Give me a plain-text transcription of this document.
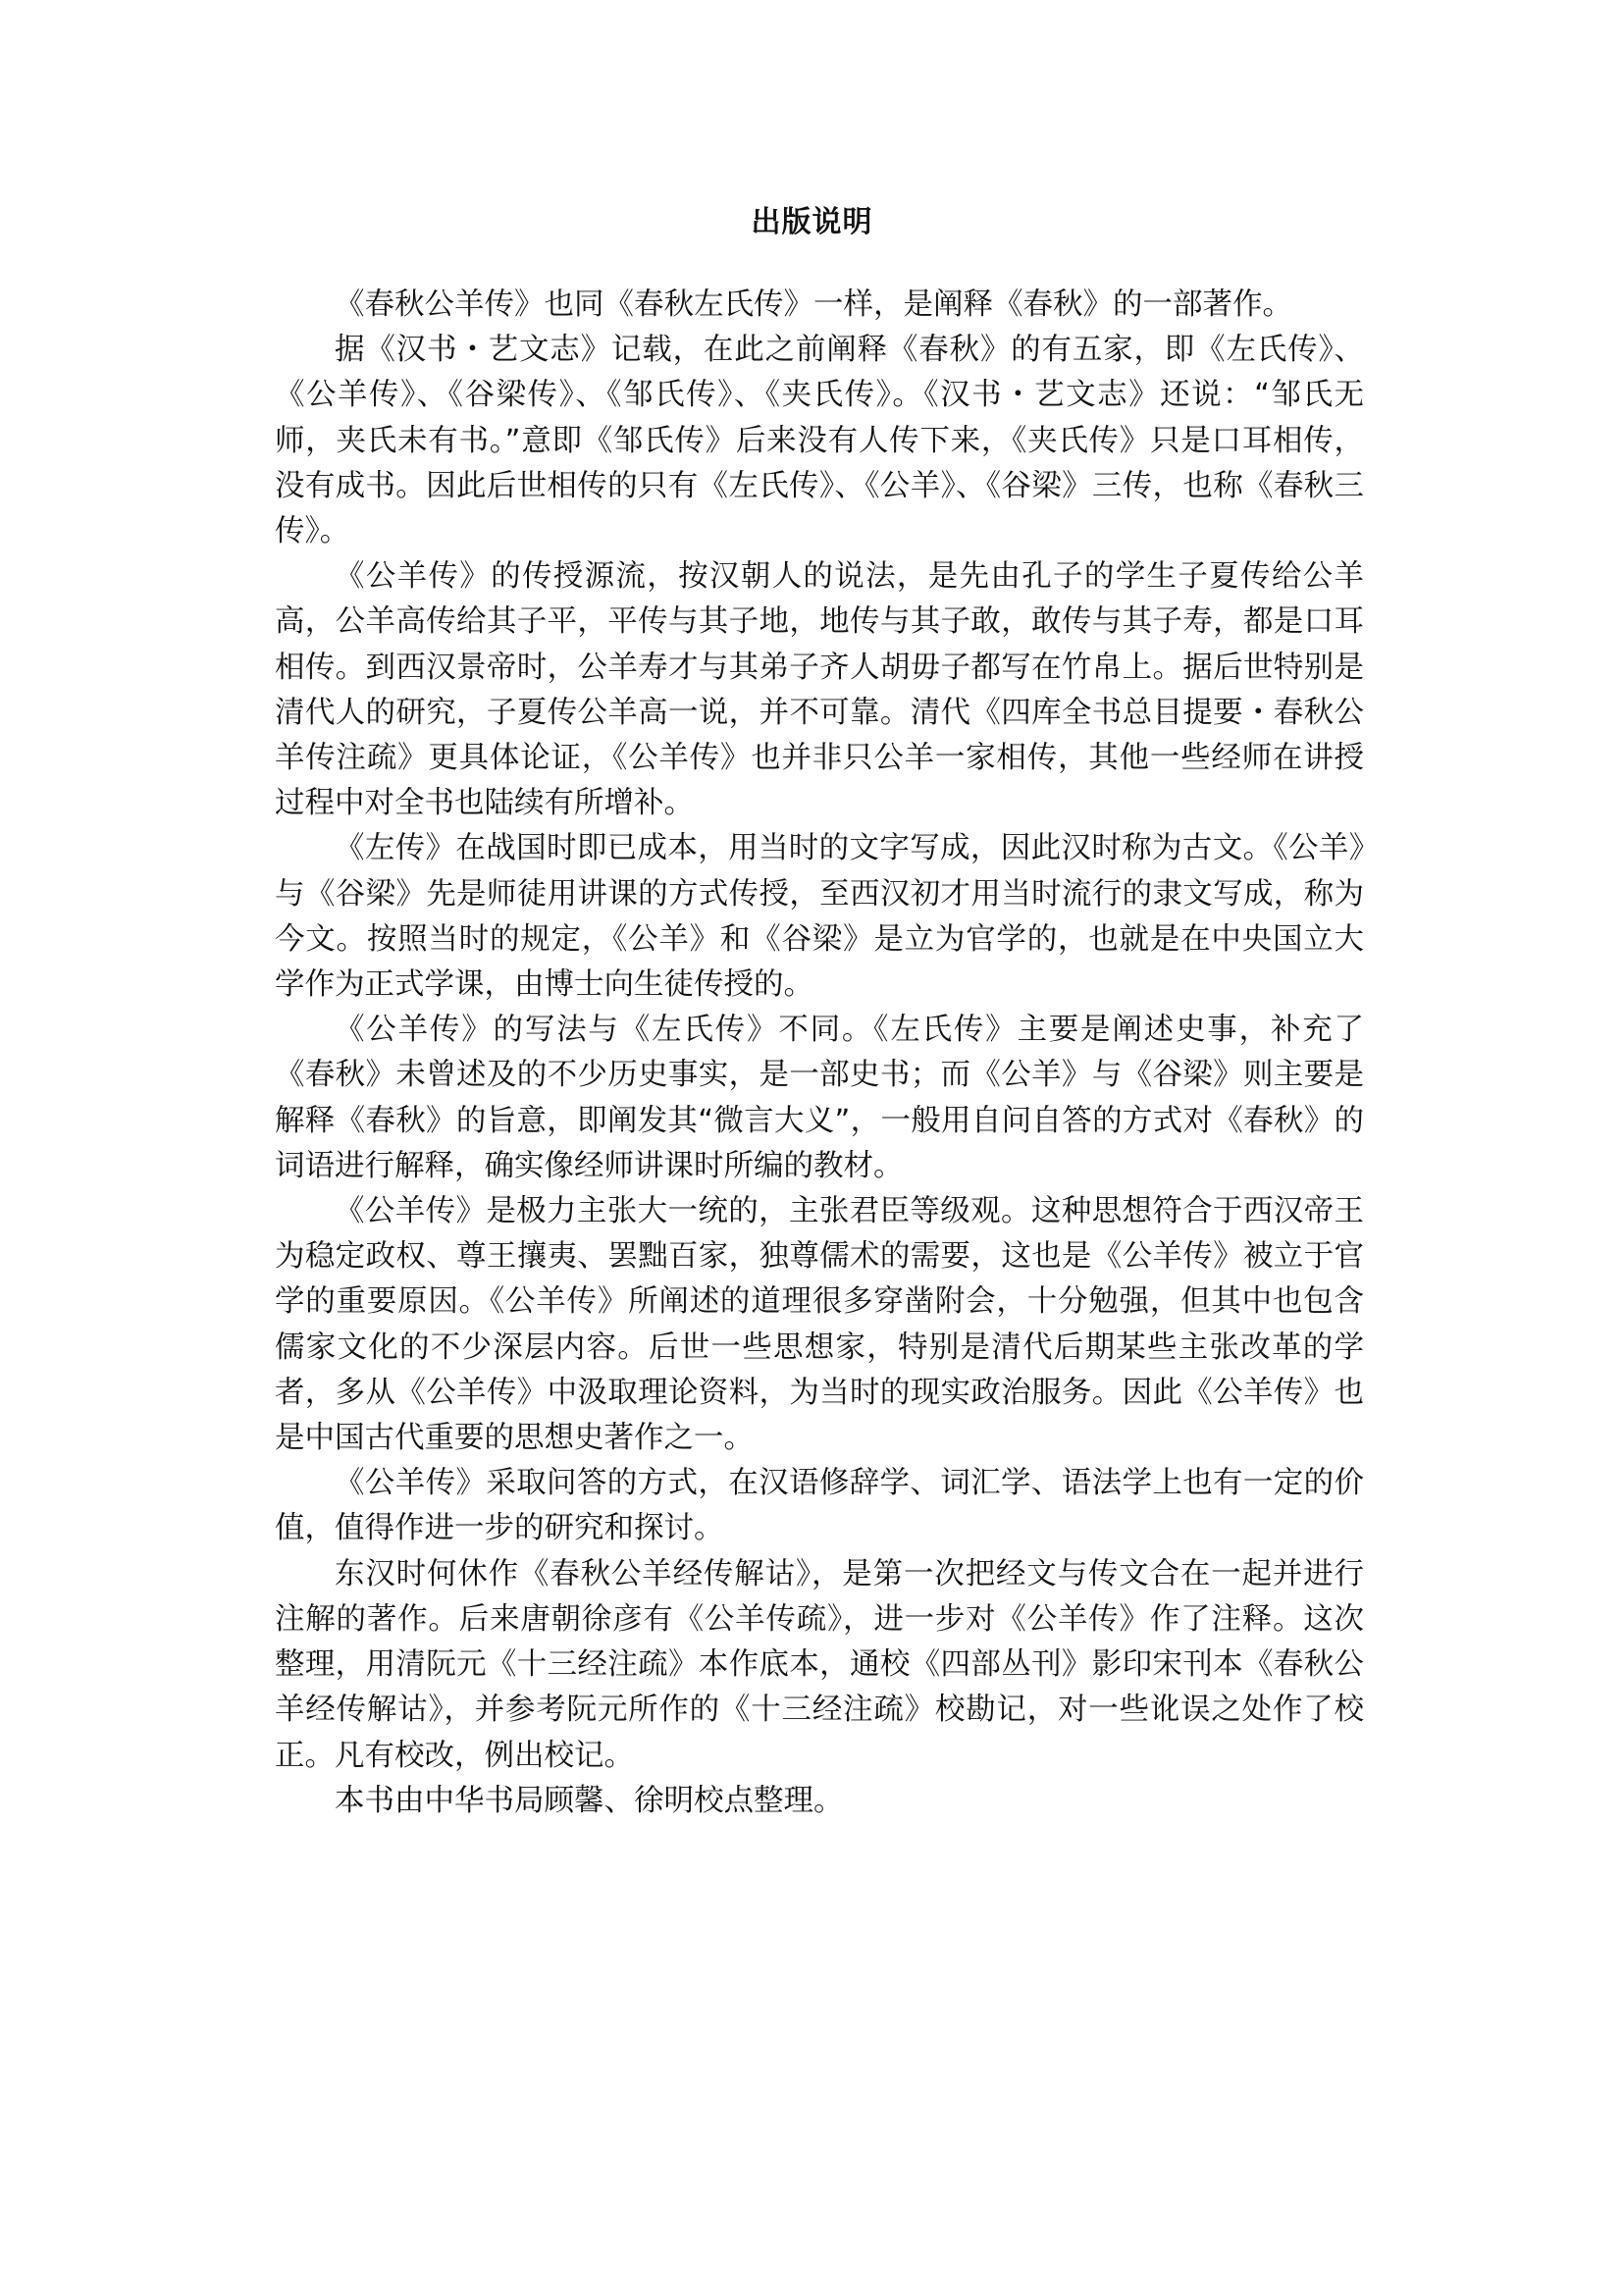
出版说明

《春秋公羊传》也同《春秋左氏传》一样，是阐释《春秋》的一部著作。

据《汉书・艺文志》记载，在此之前阐释《春秋》的有五家，即《左氏传》、《公羊传》、《谷梁传》、《邹氏传》、《夹氏传》。《汉书・艺文志》还说：“邹氏无师，夹氏未有书。”意即《邹氏传》后来没有人传下来，《夹氏传》只是口耳相传，没有成书。因此后世相传的只有《左氏传》、《公羊》、《谷梁》三传，也称《春秋三传》。

《公羊传》的传授源流，按汉朝人的说法，是先由孔子的学生子夏传给公羊高，公羊高传给其子平，平传与其子地，地传与其子敢，敢传与其子寿，都是口耳相传。到西汉景帝时，公羊寿才与其弟子齐人胡毋子都写在竹帛上。据后世特别是清代人的研究，子夏传公羊高一说，并不可靠。清代《四库全书总目提要・春秋公羊传注疏》更具体论证，《公羊传》也并非只公羊一家相传，其他一些经师在讲授过程中对全书也陆续有所增补。

《左传》在战国时即已成本，用当时的文字写成，因此汉时称为古文。《公羊》与《谷梁》先是师徒用讲课的方式传授，至西汉初才用当时流行的隶文写成，称为今文。按照当时的规定，《公羊》和《谷梁》是立为官学的，也就是在中央国立大学作为正式学课，由博士向生徒传授的。

《公羊传》的写法与《左氏传》不同。《左氏传》主要是阐述史事，补充了《春秋》未曾述及的不少历史事实，是一部史书；而《公羊》与《谷梁》则主要是解释《春秋》的旨意，即阐发其“微言大义”，一般用自问自答的方式对《春秋》的词语进行解释，确实像经师讲课时所编的教材。

《公羊传》是极力主张大一统的，主张君臣等级观。这种思想符合于西汉帝王为稳定政权、尊王攘夷、罢黜百家，独尊儒术的需要，这也是《公羊传》被立于官学的重要原因。《公羊传》所阐述的道理很多穿凿附会，十分勉强，但其中也包含儒家文化的不少深层内容。后世一些思想家，特别是清代后期某些主张改革的学者，多从《公羊传》中汲取理论资料，为当时的现实政治服务。因此《公羊传》也是中国古代重要的思想史著作之一。

《公羊传》采取问答的方式，在汉语修辞学、词汇学、语法学上也有一定的价值，值得作进一步的研究和探讨。

东汉时何休作《春秋公羊经传解诂》，是第一次把经文与传文合在一起并进行注解的著作。后来唐朝徐彦有《公羊传疏》，进一步对《公羊传》作了注释。这次整理，用清阮元《十三经注疏》本作底本，通校《四部丛刊》影印宋刊本《春秋公羊经传解诂》，并参考阮元所作的《十三经注疏》校勘记，对一些讹误之处作了校正。凡有校改，例出校记。

本书由中华书局顾馨、徐明校点整理。
